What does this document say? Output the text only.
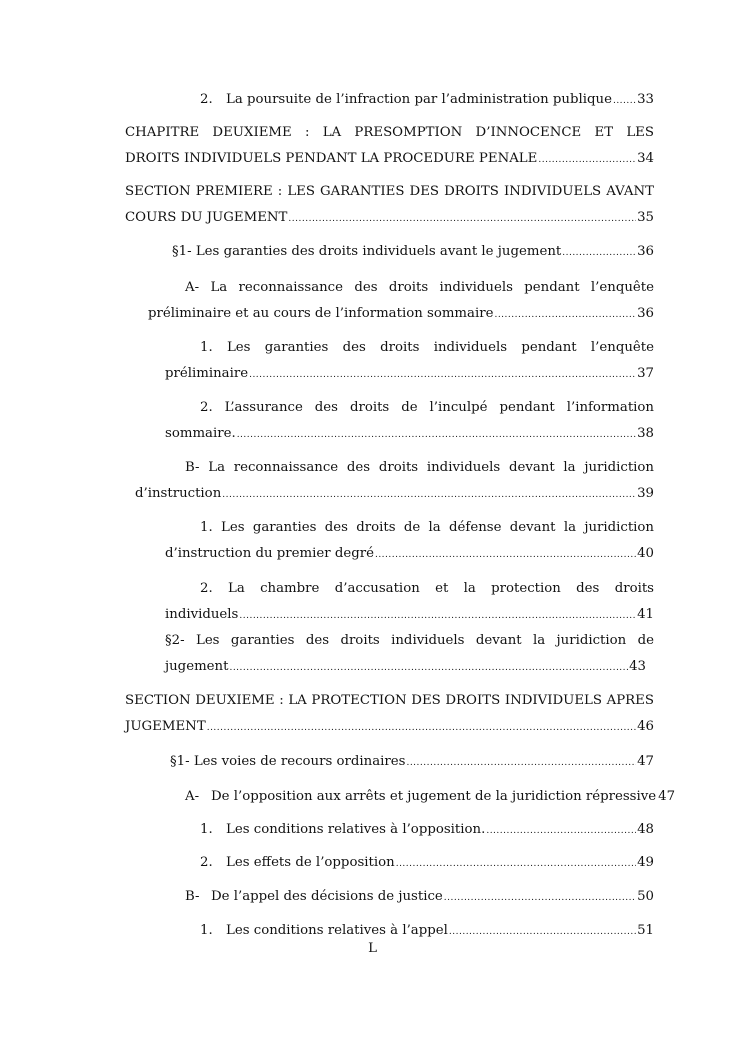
2. La poursuite de l’infraction par l’administration publique ..... 33
CHAPITRE DEUXIEME : LA PRESOMPTION D’INNOCENCE ET LES
DROITS INDIVIDUELS PENDANT LA PROCEDURE PENALE .....	34
SECTION PREMIERE : LES GARANTIES DES DROITS INDIVIDUELS AVANT
COURS DU JUGEMENT .....	35
§1- Les garanties des droits individuels avant le jugement .....	36
A- La reconnaissance des droits individuels pendant l’enquête
préliminaire et au cours de l’information sommaire .....	36
1. Les garanties des droits individuels pendant l’enquête
préliminaire .....	37
2. L’assurance des droits de l’inculpé pendant l’information
sommaire. .....	38
B- La reconnaissance des droits individuels devant la juridiction
d’instruction .....	39
1. Les garanties des droits de la défense devant la juridiction
d’instruction du premier degré .....	40
2. La chambre d’accusation et la protection des droits
individuels .....	41
§2- Les garanties des droits individuels devant la juridiction de
jugement .....	43
SECTION DEUXIEME : LA PROTECTION DES DROITS INDIVIDUELS APRES
JUGEMENT .....	46
§1- Les voies de recours ordinaires .....	47
A- De l’opposition aux arrêts et jugement de la juridiction répressive 47
1. Les conditions relatives à l’opposition. .....	48
2. Les effets de l’opposition .....	49
B- De l’appel des décisions de justice .....	50
1. Les conditions relatives à l’appel .....	51
L
